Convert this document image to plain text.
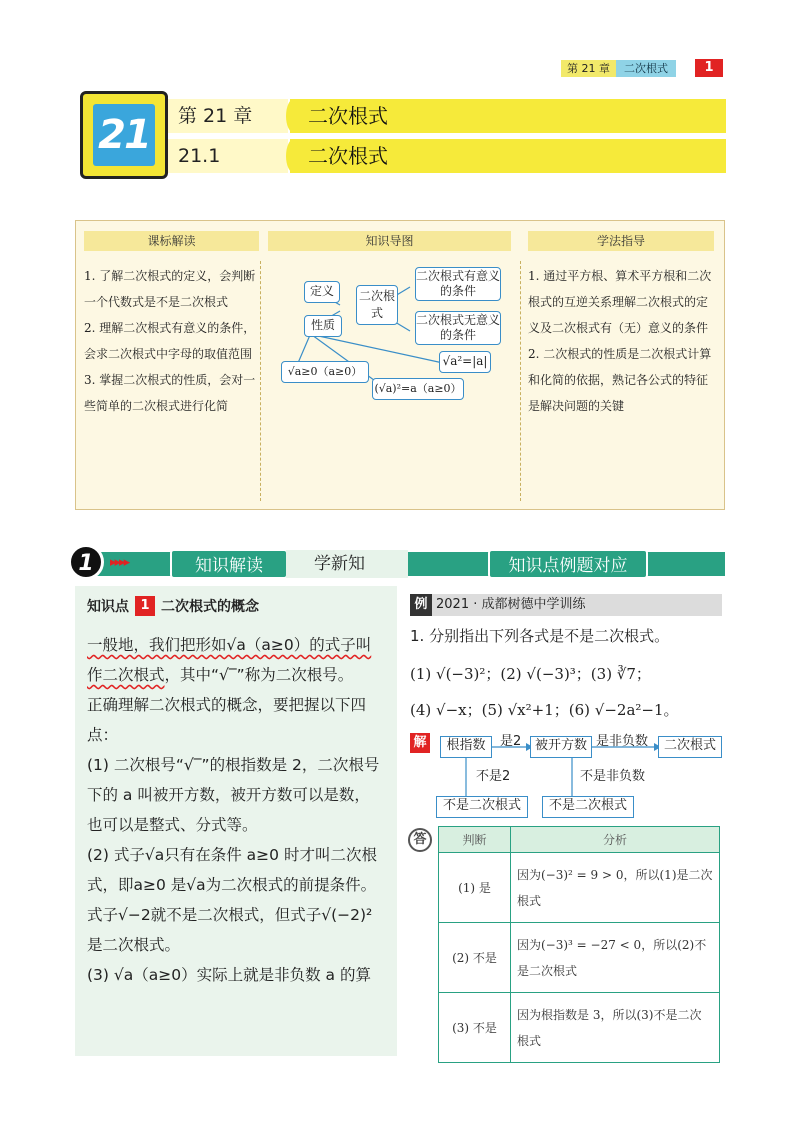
第 21 章	二次根式	1
21	第 21 章	二次根式
21.1	二次根式
课标解读

1. 了解二次根式的定义，会判断一个代数式是不是二次根式

2. 理解二次根式有意义的条件，会求二次根式中字母的取值范围

3. 掌握二次根式的性质，会对一些简单的二次根式进行化简

知识导图
定义
性质
二次根式
二次根式有意义的条件
二次根式无意义的条件
√a²=|a|
√a≥0（a≥0）
(√a)²=a（a≥0）
学法指导

1. 通过平方根、算术平方根和二次根式的互逆关系理解二次根式的定义及二次根式有（无）意义的条件

2. 二次根式的性质是二次根式计算和化简的依据，熟记各公式的特征是解决问题的关键

1	▸▸▸▸	知识解读	学新知	知识点例题对应
知识点 1 二次根式的概念

一般地，我们把形如√a（a≥0）的式子叫作二次根式，其中“√‾”称为二次根号。

正确理解二次根式的概念，要把握以下四点：

(1) 二次根号“√‾”的根指数是 2，二次根号下的 a 叫被开方数，被开方数可以是数，也可以是整式、分式等。

(2) 式子√a只有在条件 a≥0 时才叫二次根式，即a≥0 是√a为二次根式的前提条件。式子√−2就不是二次根式，但式子√(−2)²是二次根式。

(3) √a（a≥0）实际上就是非负数 a 的算

例 2021 · 成都树德中学训练
1. 分别指出下列各式是不是二次根式。
(1) √(−3)²；(2) √(−3)³；(3) ∛7；
(4) √−x；(5) √x²+1；(6) √−2a²−1。
解	根指数	被开方数	二次根式
是2	是非负数
不是2	不是非负数
不是二次根式	不是二次根式
答	判断	分析
(1) 是	因为(−3)² = 9 > 0，所以(1)是二次根式
(2) 不是	因为(−3)³ = −27 < 0，所以(2)不是二次根式
(3) 不是	因为根指数是 3，所以(3)不是二次根式
